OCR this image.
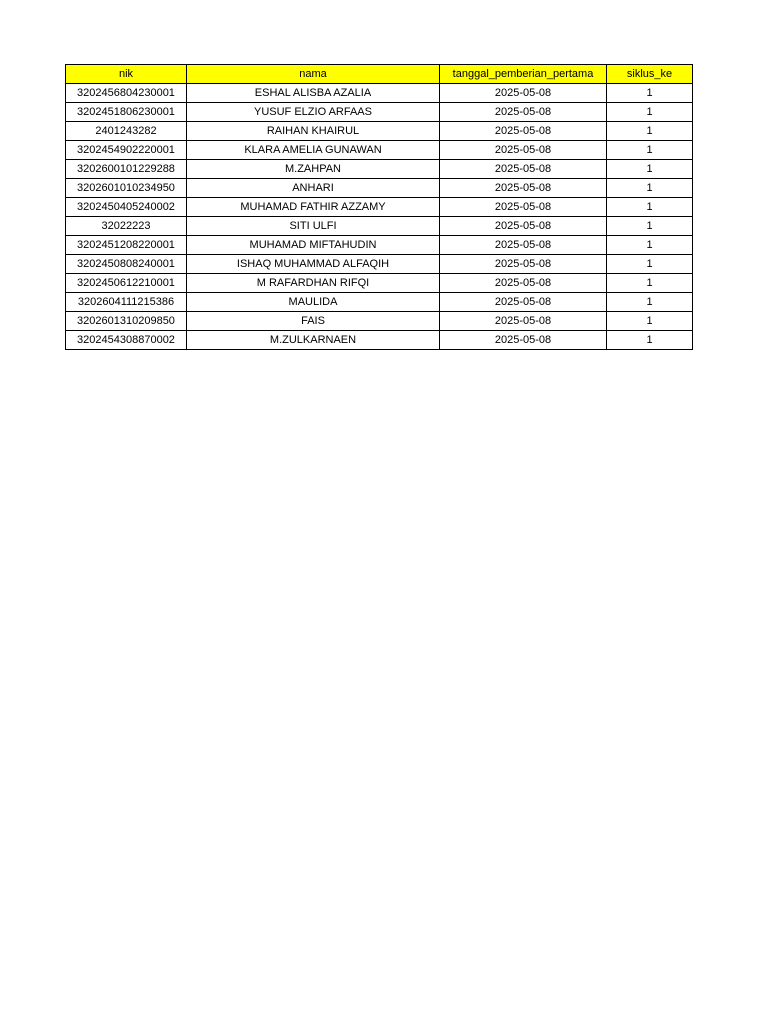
nik	nama	tanggal_pemberian_pertama	siklus_ke
3202456804230001	ESHAL ALISBA AZALIA	2025-05-08	1
3202451806230001	YUSUF ELZIO ARFAAS	2025-05-08	1
2401243282	RAIHAN KHAIRUL	2025-05-08	1
3202454902220001	KLARA AMELIA GUNAWAN	2025-05-08	1
3202600101229288	M.ZAHPAN	2025-05-08	1
3202601010234950	ANHARI	2025-05-08	1
3202450405240002	MUHAMAD FATHIR AZZAMY	2025-05-08	1
32022223	SITI ULFI	2025-05-08	1
3202451208220001	MUHAMAD MIFTAHUDIN	2025-05-08	1
3202450808240001	ISHAQ MUHAMMAD ALFAQIH	2025-05-08	1
3202450612210001	M RAFARDHAN RIFQI	2025-05-08	1
3202604111215386	MAULIDA	2025-05-08	1
3202601310209850	FAIS	2025-05-08	1
3202454308870002	M.ZULKARNAEN	2025-05-08	1
